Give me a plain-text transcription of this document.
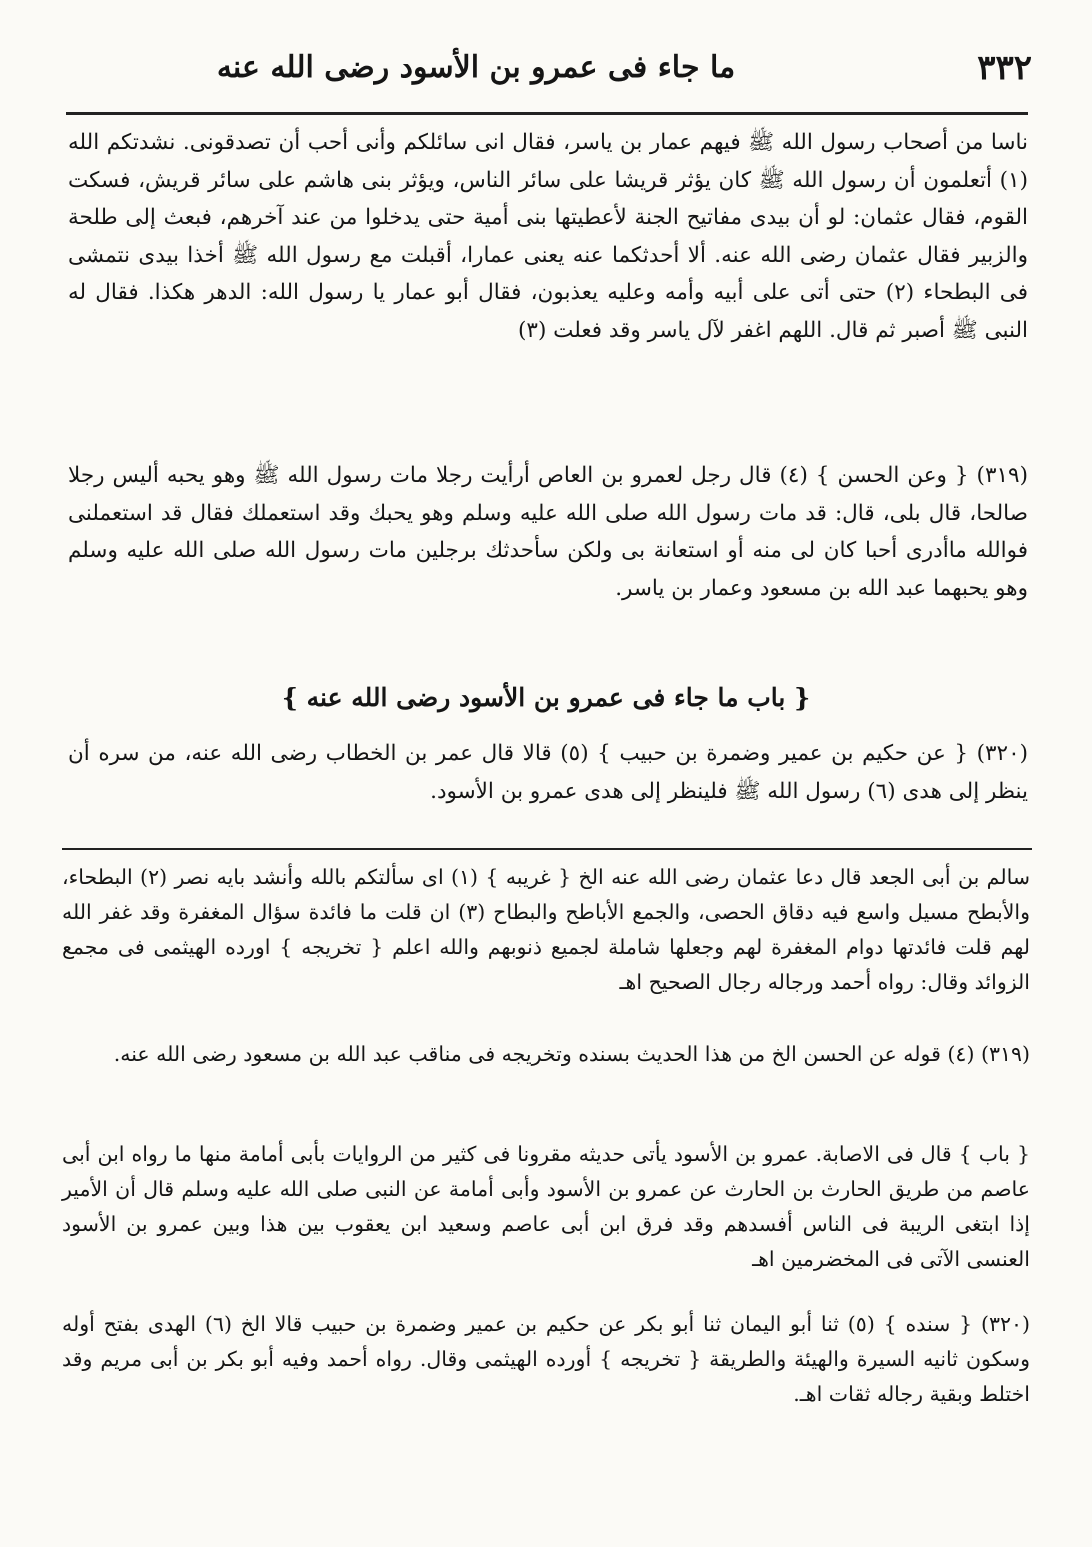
٣٣٢
ما جاء فى عمرو بن الأسود رضى الله عنه

ناسا من أصحاب رسول الله ﷺ فيهم عمار بن ياسر، فقال انى سائلكم وأنى أحب أن تصدقونى. نشدتكم الله (١) أتعلمون أن رسول الله ﷺ كان يؤثر قريشا على سائر الناس، ويؤثر بنى هاشم على سائر قريش، فسكت القوم، فقال عثمان: لو أن بيدى مفاتيح الجنة لأعطيتها بنى أمية حتى يدخلوا من عند آخرهم، فبعث إلى طلحة والزبير فقال عثمان رضى الله عنه. ألا أحدثكما عنه يعنى عمارا، أقبلت مع رسول الله ﷺ أخذا بيدى نتمشى فى البطحاء (٢) حتى أتى على أبيه وأمه وعليه يعذبون، فقال أبو عمار يا رسول الله: الدهر هكذا. فقال له النبى ﷺ أصبر ثم قال. اللهم اغفر لآل ياسر وقد فعلت (٣)

(٣١٩) { وعن الحسن } (٤) قال رجل لعمرو بن العاص أرأيت رجلا مات رسول الله ﷺ وهو يحبه أليس رجلا صالحا، قال بلى، قال: قد مات رسول الله صلى الله عليه وسلم وهو يحبك وقد استعملك فقال قد استعملنى فوالله ماأدرى أحبا كان لى منه أو استعانة بى ولكن سأحدثك برجلين مات رسول الله صلى الله عليه وسلم وهو يحبهما عبد الله بن مسعود وعمار بن ياسر.

{ باب ما جاء فى عمرو بن الأسود رضى الله عنه }

(٣٢٠) { عن حكيم بن عمير وضمرة بن حبيب } (٥) قالا قال عمر بن الخطاب رضى الله عنه، من سره أن ينظر إلى هدى (٦) رسول الله ﷺ فلينظر إلى هدى عمرو بن الأسود.

سالم بن أبى الجعد قال دعا عثمان رضى الله عنه الخ { غريبه } (١) اى سألتكم بالله وأنشد بايه نصر (٢) البطحاء، والأبطح مسيل واسع فيه دقاق الحصى، والجمع الأباطح والبطاح (٣) ان قلت ما فائدة سؤال المغفرة وقد غفر الله لهم قلت فائدتها دوام المغفرة لهم وجعلها شاملة لجميع ذنوبهم والله اعلم { تخريجه } اورده الهيثمى فى مجمع الزوائد وقال: رواه أحمد ورجاله رجال الصحيح اهـ

(٣١٩) (٤) قوله عن الحسن الخ من هذا الحديث بسنده وتخريجه فى مناقب عبد الله بن مسعود رضى الله عنه.

{ باب } قال فى الاصابة. عمرو بن الأسود يأتى حديثه مقرونا فى كثير من الروايات بأبى أمامة منها ما رواه ابن أبى عاصم من طريق الحارث بن الحارث عن عمرو بن الأسود وأبى أمامة عن النبى صلى الله عليه وسلم قال أن الأمير إذا ابتغى الريبة فى الناس أفسدهم وقد فرق ابن أبى عاصم وسعيد ابن يعقوب بين هذا وبين عمرو بن الأسود العنسى الآتى فى المخضرمين اهـ

(٣٢٠) { سنده } (٥) ثنا أبو اليمان ثنا أبو بكر عن حكيم بن عمير وضمرة بن حبيب قالا الخ (٦) الهدى بفتح أوله وسكون ثانيه السيرة والهيئة والطريقة { تخريجه } أورده الهيثمى وقال. رواه أحمد وفيه أبو بكر بن أبى مريم وقد اختلط وبقية رجاله ثقات اهـ.
